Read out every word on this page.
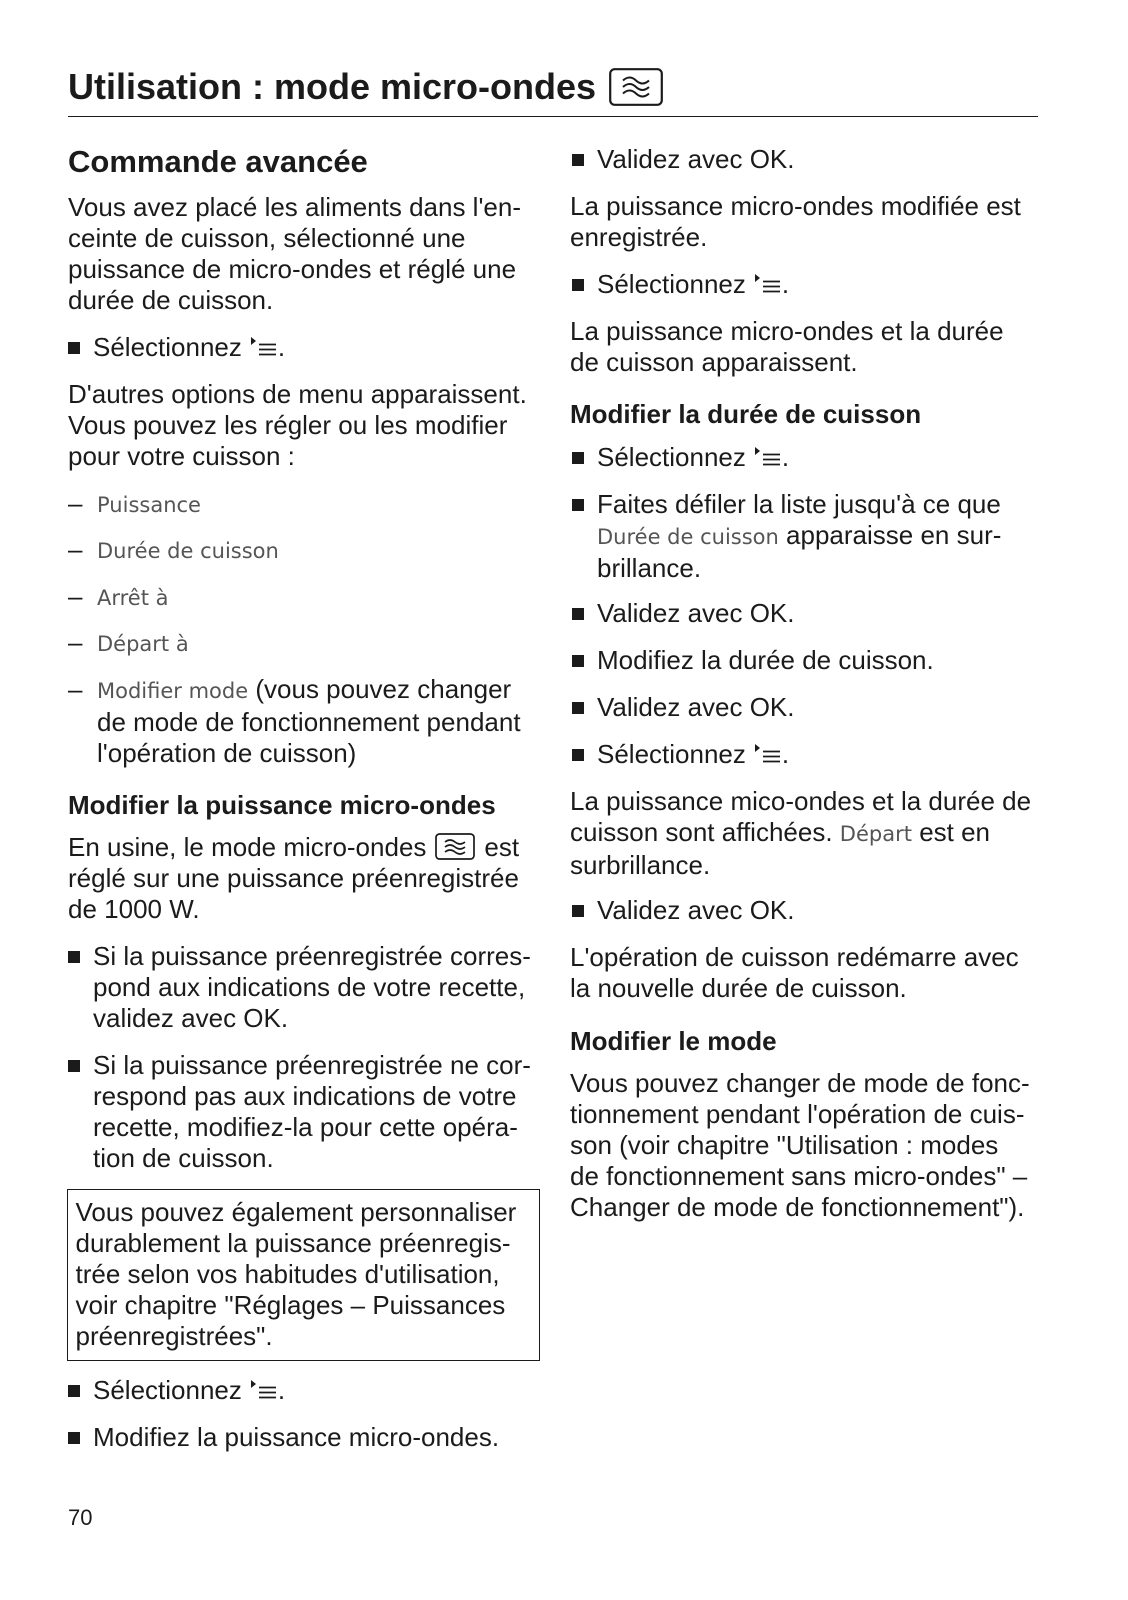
Utilisation : mode micro-ondes
Commande avancée
Vous avez placé les aliments dans l'en-
ceinte de cuisson, sélectionné une
puissance de micro-ondes et réglé une
durée de cuisson.
Sélectionnez .
D'autres options de menu apparaissent.
Vous pouvez les régler ou les modifier
pour votre cuisson :
– Puissance
– Durée de cuisson
– Arrêt à
– Départ à
– Modifier mode (vous pouvez changer
de mode de fonctionnement pendant
l'opération de cuisson)
Modifier la puissance micro-ondes
En usine, le mode micro-ondes est
réglé sur une puissance préenregistrée
de 1000 W.
Si la puissance préenregistrée corres-
pond aux indications de votre recette,
validez avec OK.
Si la puissance préenregistrée ne cor-
respond pas aux indications de votre
recette, modifiez-la pour cette opéra-
tion de cuisson.
Vous pouvez également personnaliser
durablement la puissance préenregis-
trée selon vos habitudes d'utilisation,
voir chapitre "Réglages – Puissances
préenregistrées".
Sélectionnez .
Modifiez la puissance micro-ondes.
70
Validez avec OK.
La puissance micro-ondes modifiée est
enregistrée.
Sélectionnez .
La puissance micro-ondes et la durée
de cuisson apparaissent.
Modifier la durée de cuisson
Sélectionnez .
Faites défiler la liste jusqu'à ce que
Durée de cuisson apparaisse en sur-
brillance.
Validez avec OK.
Modifiez la durée de cuisson.
Validez avec OK.
Sélectionnez .
La puissance mico-ondes et la durée de
cuisson sont affichées. Départ est en
surbrillance.
Validez avec OK.
L'opération de cuisson redémarre avec
la nouvelle durée de cuisson.
Modifier le mode
Vous pouvez changer de mode de fonc-
tionnement pendant l'opération de cuis-
son (voir chapitre "Utilisation : modes
de fonctionnement sans micro-ondes" –
Changer de mode de fonctionnement").
